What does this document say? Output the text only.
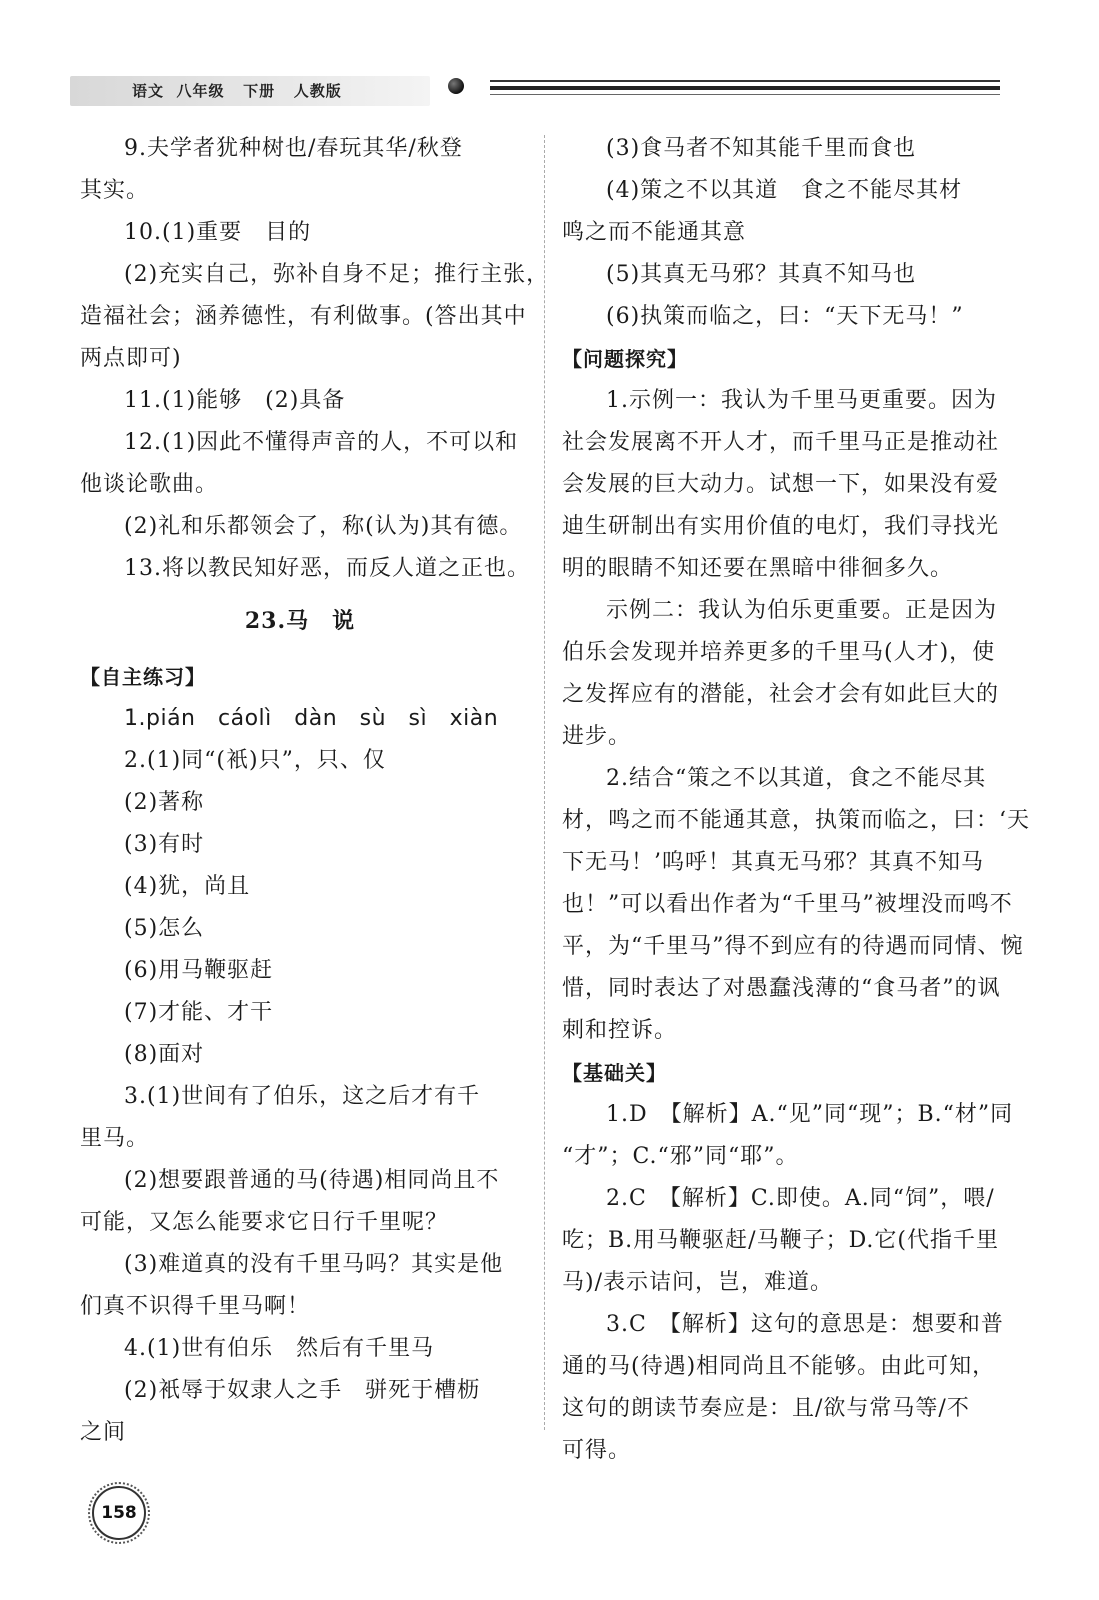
语文  八年级   下册   人教版
9.夫学者犹种树也/春玩其华/秋登
其实。
10.(1)重要　目的
(2)充实自己，弥补自身不足；推行主张，
造福社会；涵养德性，有利做事。(答出其中
两点即可)
11.(1)能够　(2)具备
12.(1)因此不懂得声音的人，不可以和
他谈论歌曲。
(2)礼和乐都领会了，称(认为)其有德。
13.将以教民知好恶，而反人道之正也。
23.马　说
【自主练习】
1.pián　cáolì　dàn　sù　sì　xiàn
2.(1)同“(衹)只”，只、仅
(2)著称
(3)有时
(4)犹，尚且
(5)怎么
(6)用马鞭驱赶
(7)才能、才干
(8)面对
3.(1)世间有了伯乐，这之后才有千
里马。
(2)想要跟普通的马(待遇)相同尚且不
可能，又怎么能要求它日行千里呢？
(3)难道真的没有千里马吗？其实是他
们真不识得千里马啊！
4.(1)世有伯乐　然后有千里马
(2)衹辱于奴隶人之手　骈死于槽枥
之间
(3)食马者不知其能千里而食也
(4)策之不以其道　食之不能尽其材
鸣之而不能通其意
(5)其真无马邪？其真不知马也
(6)执策而临之，曰：“天下无马！”
【问题探究】
1.示例一：我认为千里马更重要。因为
社会发展离不开人才，而千里马正是推动社
会发展的巨大动力。试想一下，如果没有爱
迪生研制出有实用价值的电灯，我们寻找光
明的眼睛不知还要在黑暗中徘徊多久。
示例二：我认为伯乐更重要。正是因为
伯乐会发现并培养更多的千里马(人才)，使
之发挥应有的潜能，社会才会有如此巨大的
进步。
2.结合“策之不以其道，食之不能尽其
材，鸣之而不能通其意，执策而临之，曰：‘天
下无马！’呜呼！其真无马邪？其真不知马
也！”可以看出作者为“千里马”被埋没而鸣不
平，为“千里马”得不到应有的待遇而同情、惋
惜，同时表达了对愚蠢浅薄的“食马者”的讽
刺和控诉。
【基础关】
1.D　【解析】A.“见”同“现”；B.“材”同
“才”；C.“邪”同“耶”。
2.C　【解析】C.即使。A.同“饲”，喂/
吃；B.用马鞭驱赶/马鞭子；D.它(代指千里
马)/表示诘问，岂，难道。
3.C　【解析】这句的意思是：想要和普
通的马(待遇)相同尚且不能够。由此可知，
这句的朗读节奏应是：且/欲与常马等/不
可得。
158
